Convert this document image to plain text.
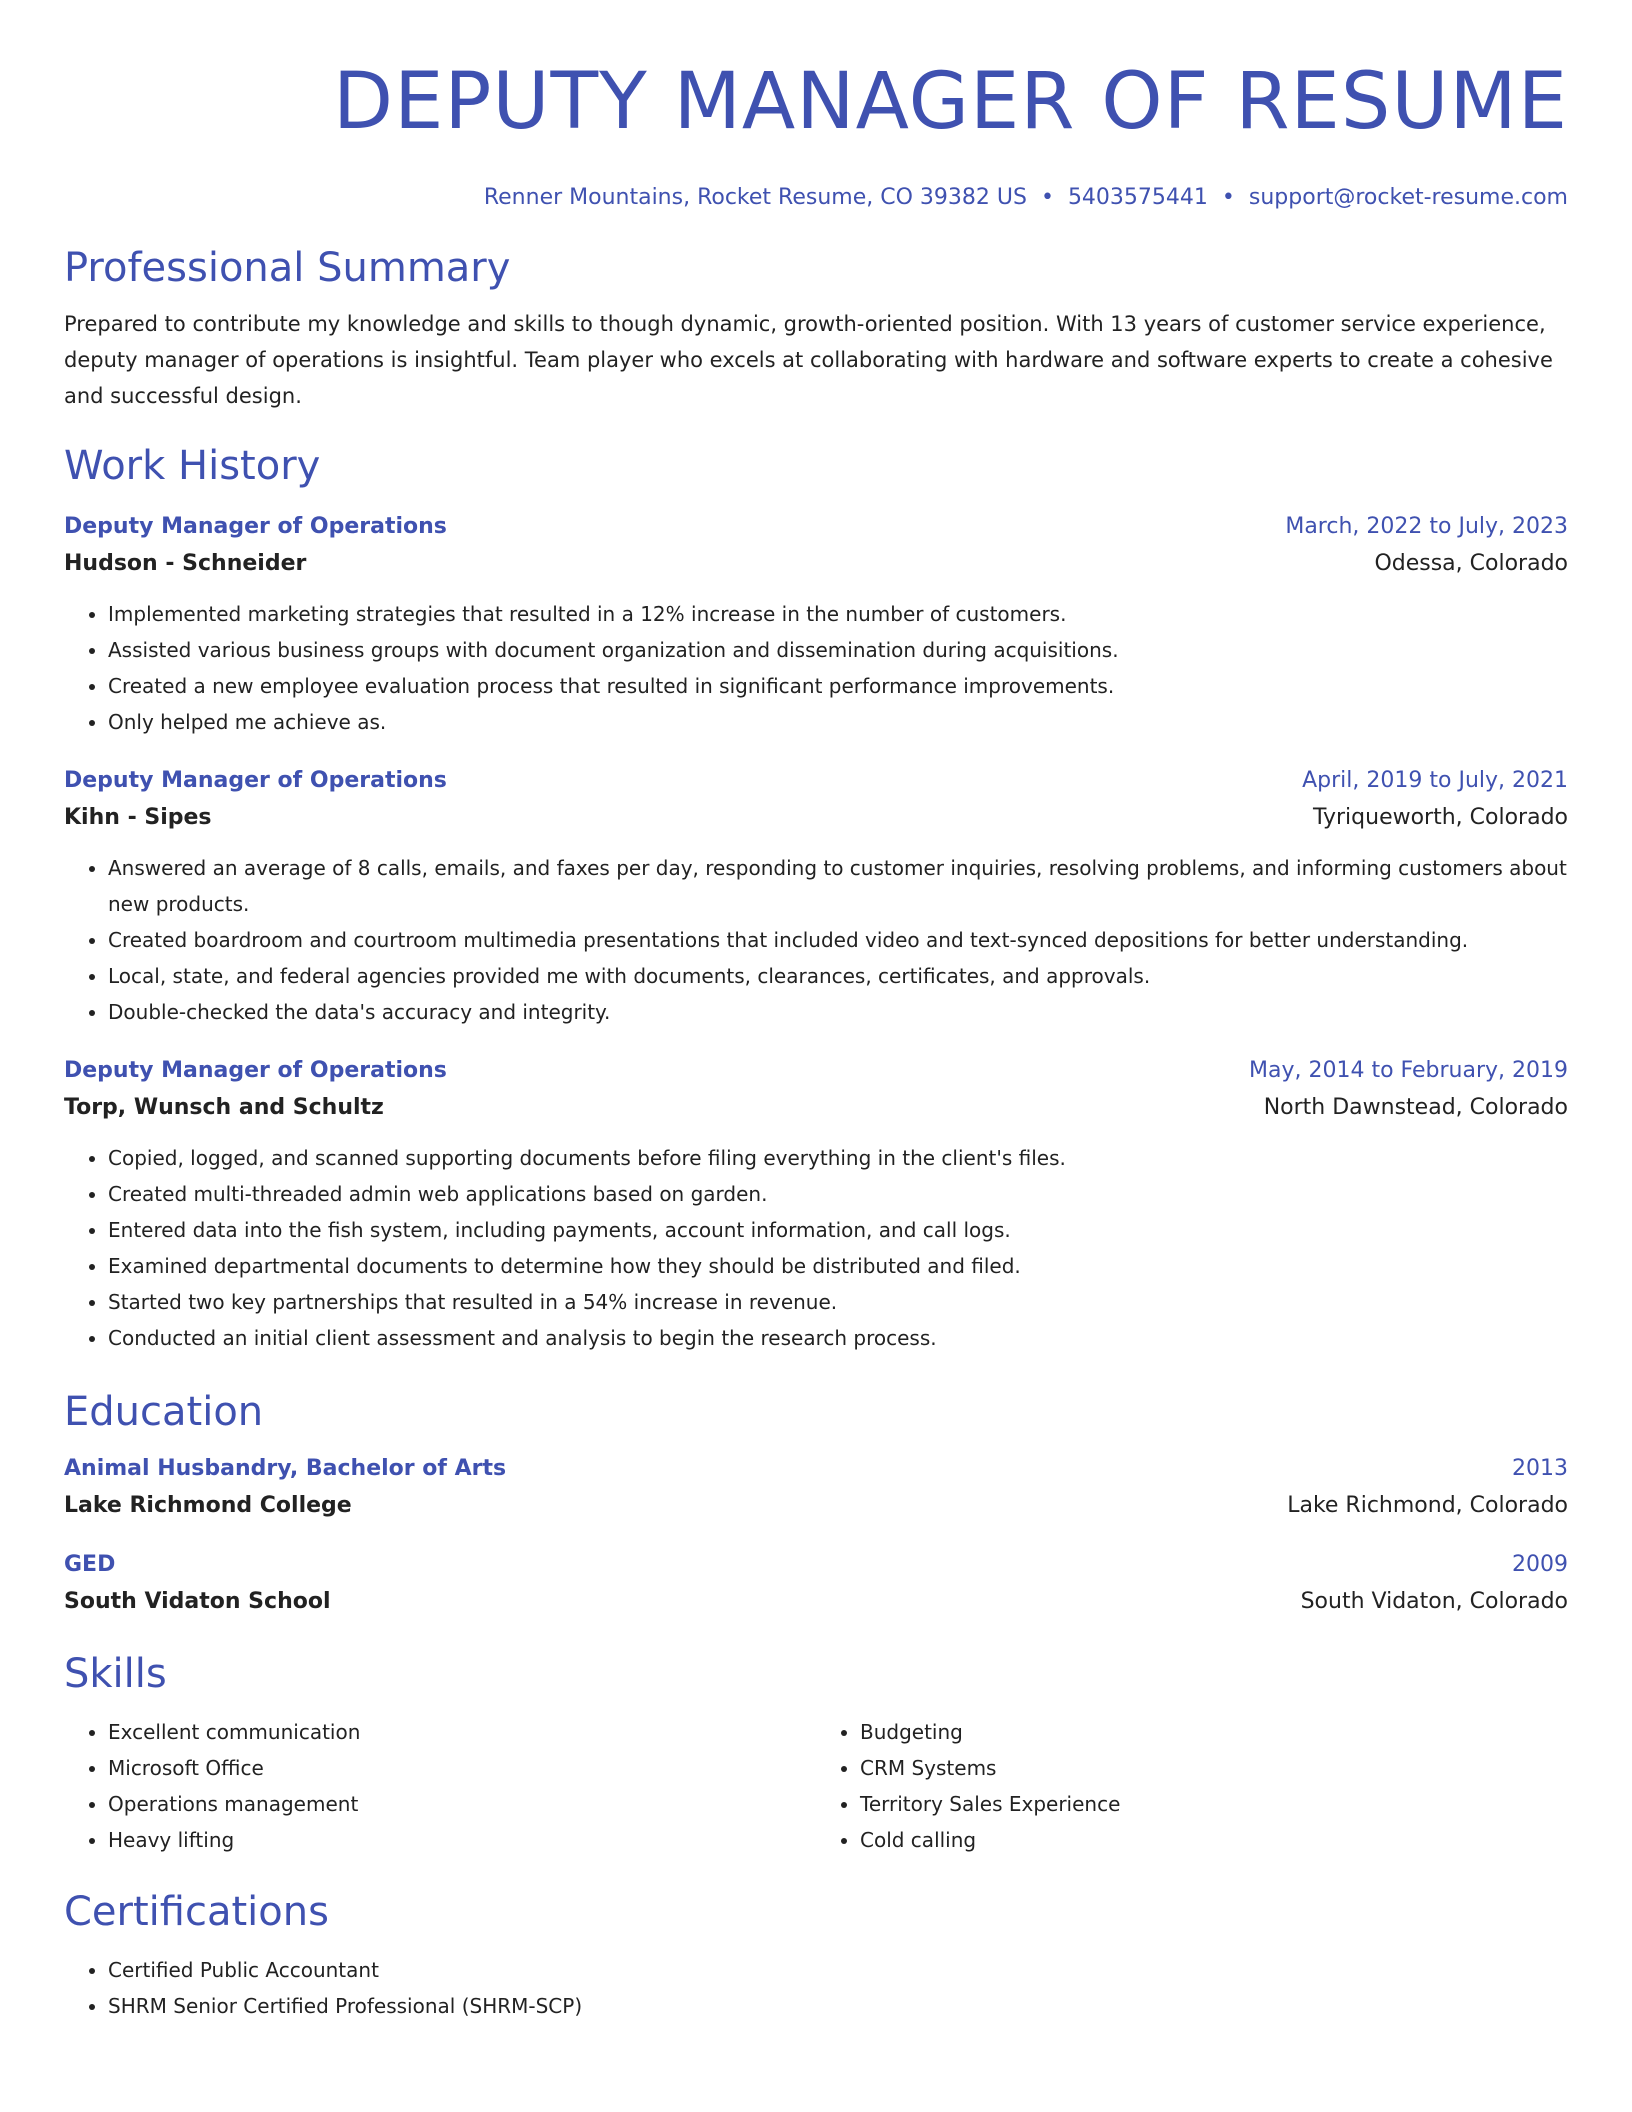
DEPUTY MANAGER OF RESUME
Renner Mountains, Rocket Resume, CO 39382 US • 5403575441 • support@rocket-resume.com
Professional Summary

Prepared to contribute my knowledge and skills to though dynamic, growth-oriented position. With 13 years of customer service experience, deputy manager of operations is insightful. Team player who excels at collaborating with hardware and software experts to create a cohesive and successful design.

Work History
Deputy Manager of Operations	March, 2022 to July, 2023
Hudson - Schneider	Odessa, Colorado
• Implemented marketing strategies that resulted in a 12% increase in the number of customers.
• Assisted various business groups with document organization and dissemination during acquisitions.
• Created a new employee evaluation process that resulted in significant performance improvements.
• Only helped me achieve as.
Deputy Manager of Operations	April, 2019 to July, 2021
Kihn - Sipes	Tyriqueworth, Colorado
• Answered an average of 8 calls, emails, and faxes per day, responding to customer inquiries, resolving problems, and informing customers about new products.
• Created boardroom and courtroom multimedia presentations that included video and text-synced depositions for better understanding.
• Local, state, and federal agencies provided me with documents, clearances, certificates, and approvals.
• Double-checked the data's accuracy and integrity.
Deputy Manager of Operations	May, 2014 to February, 2019
Torp, Wunsch and Schultz	North Dawnstead, Colorado
• Copied, logged, and scanned supporting documents before filing everything in the client's files.
• Created multi-threaded admin web applications based on garden.
• Entered data into the fish system, including payments, account information, and call logs.
• Examined departmental documents to determine how they should be distributed and filed.
• Started two key partnerships that resulted in a 54% increase in revenue.
• Conducted an initial client assessment and analysis to begin the research process.
Education
Animal Husbandry, Bachelor of Arts	2013
Lake Richmond College	Lake Richmond, Colorado
GED	2009
South Vidaton School	South Vidaton, Colorado
Skills
• Excellent communication
• Microsoft Office
• Operations management
• Heavy lifting
• Budgeting
• CRM Systems
• Territory Sales Experience
• Cold calling
Certifications
• Certified Public Accountant
• SHRM Senior Certified Professional (SHRM-SCP)
